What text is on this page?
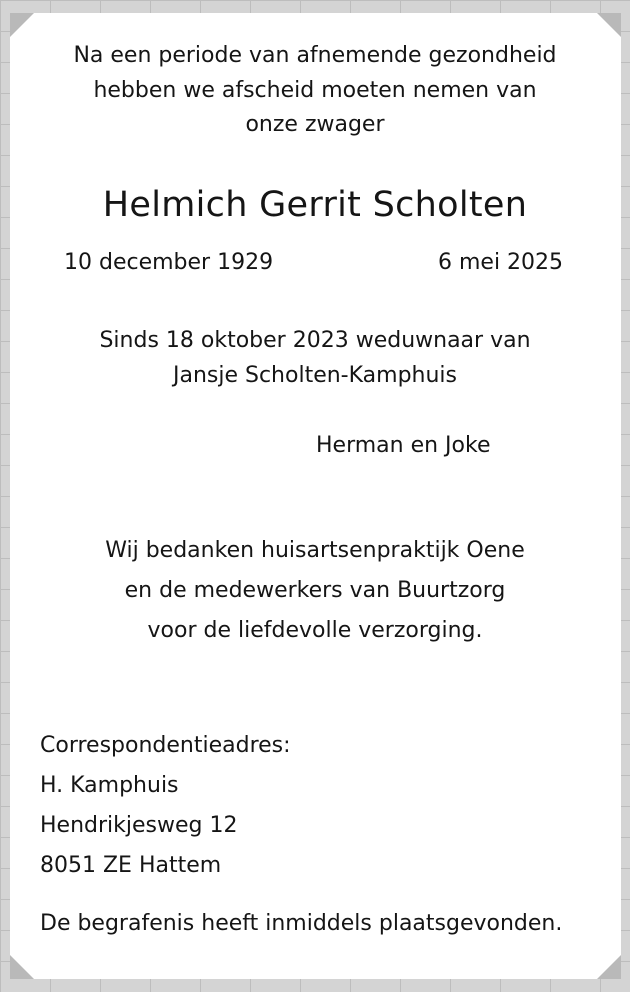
Na een periode van afnemende gezondheid
hebben we afscheid moeten nemen van
onze zwager
Helmich Gerrit Scholten
10 december 1929	6 mei 2025
Sinds 18 oktober 2023 weduwnaar van
Jansje Scholten-Kamphuis
Herman en Joke
Wij bedanken huisartsenpraktijk Oene
en de medewerkers van Buurtzorg
voor de liefdevolle verzorging.
Correspondentieadres:
H. Kamphuis
Hendrikjesweg 12
8051 ZE Hattem
De begrafenis heeft inmiddels plaatsgevonden.
